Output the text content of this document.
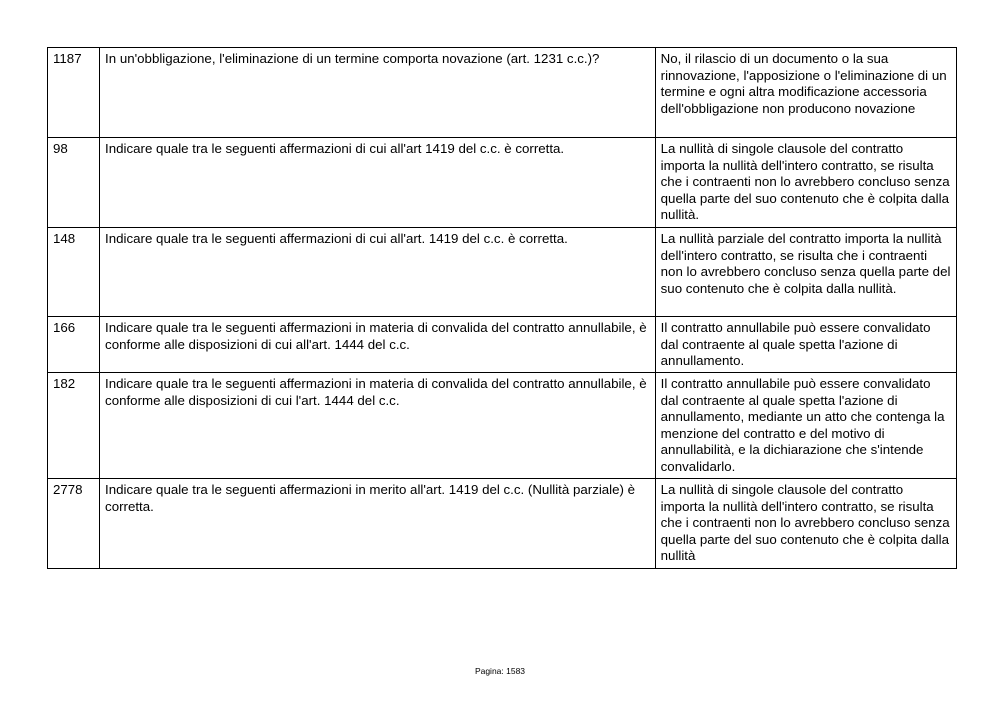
1187	In un'obbligazione, l'eliminazione di un termine comporta novazione (art. 1231 c.c.)?	No, il rilascio di un documento o la sua rinnovazione, l'apposizione o l'eliminazione di un termine e ogni altra modificazione accessoria dell'obbligazione non producono novazione
98	Indicare quale tra le seguenti affermazioni di cui all'art 1419 del c.c. è corretta.	La nullità di singole clausole del contratto importa la nullità dell'intero contratto, se risulta che i contraenti non lo avrebbero concluso senza quella parte del suo contenuto che è colpita dalla nullità.
148	Indicare quale tra le seguenti affermazioni di cui all'art. 1419 del c.c. è corretta.	La nullità parziale del contratto importa la nullità dell'intero contratto, se risulta che i contraenti non lo avrebbero concluso senza quella parte del suo contenuto che è colpita dalla nullità.
166	Indicare quale tra le seguenti affermazioni in materia di convalida del contratto annullabile, è conforme alle disposizioni di cui all'art. 1444 del c.c.	Il contratto annullabile può essere convalidato dal contraente al quale spetta l'azione di annullamento.
182	Indicare quale tra le seguenti affermazioni in materia di convalida del contratto annullabile, è conforme alle disposizioni di cui l'art. 1444 del c.c.	Il contratto annullabile può essere convalidato dal contraente al quale spetta l'azione di annullamento, mediante un atto che contenga la menzione del contratto e del motivo di annullabilità, e la dichiarazione che s'intende convalidarlo.
2778	Indicare quale tra le seguenti affermazioni in merito all'art. 1419 del c.c. (Nullità parziale) è corretta.	La nullità di singole clausole del contratto importa la nullità dell'intero contratto, se risulta che i contraenti non lo avrebbero concluso senza quella parte del suo contenuto che è colpita dalla nullità
Pagina: 1583
